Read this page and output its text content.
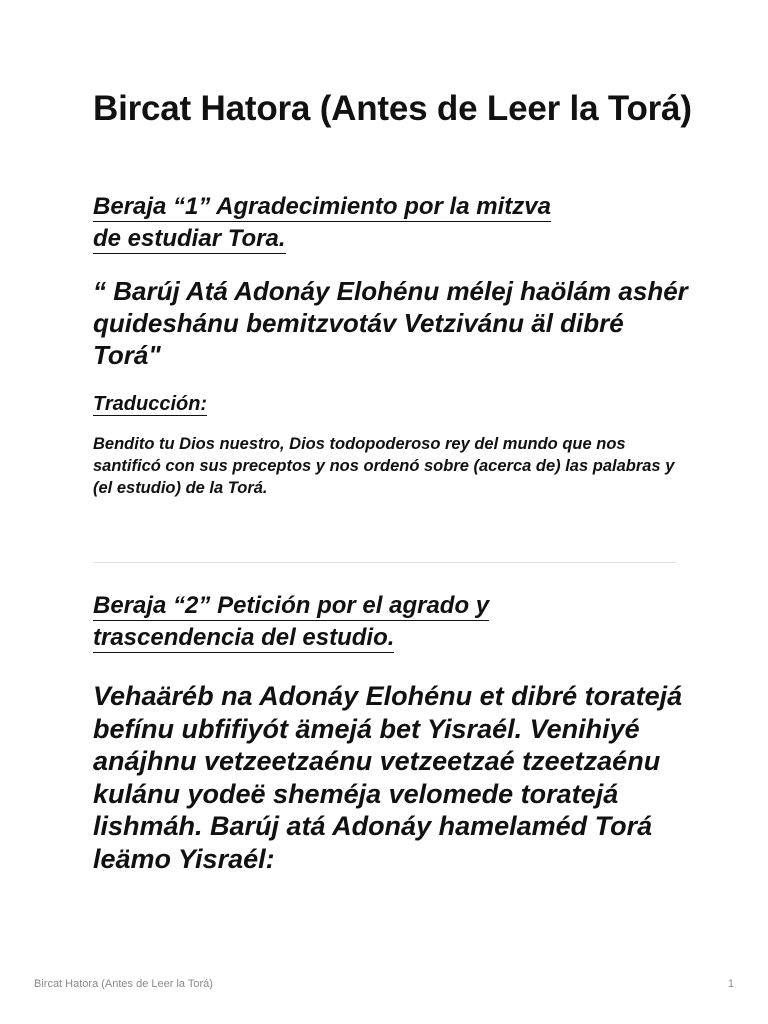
Bircat Hatora (Antes de Leer la Torá)
Beraja “1” Agradecimiento por la mitzva
de estudiar Tora.

“ Barúj Atá Adonáy Elohénu mélej haölám ashér quideshánu bemitzvotáv Vetzivánu äl dibré Torá"

Traducción:

Bendito tu Dios nuestro, Dios todopoderoso rey del mundo que nos santificó con sus preceptos y nos ordenó sobre (acerca de) las palabras y (el estudio) de la Torá.

Beraja “2” Petición por el agrado y
trascendencia del estudio.

Vehaäréb na Adonáy Elohénu et dibré toratejá befínu ubfifiyót ämejá bet Yisraél. Venihiyé anájhnu vetzeetzaénu vetzeetzaé tzeetzaénu kulánu yodeë sheméja velomede toratejá lishmáh. Barúj atá Adonáy hamelaméd Torá leämo Yisraél:

Bircat Hatora (Antes de Leer la Torá)	1
